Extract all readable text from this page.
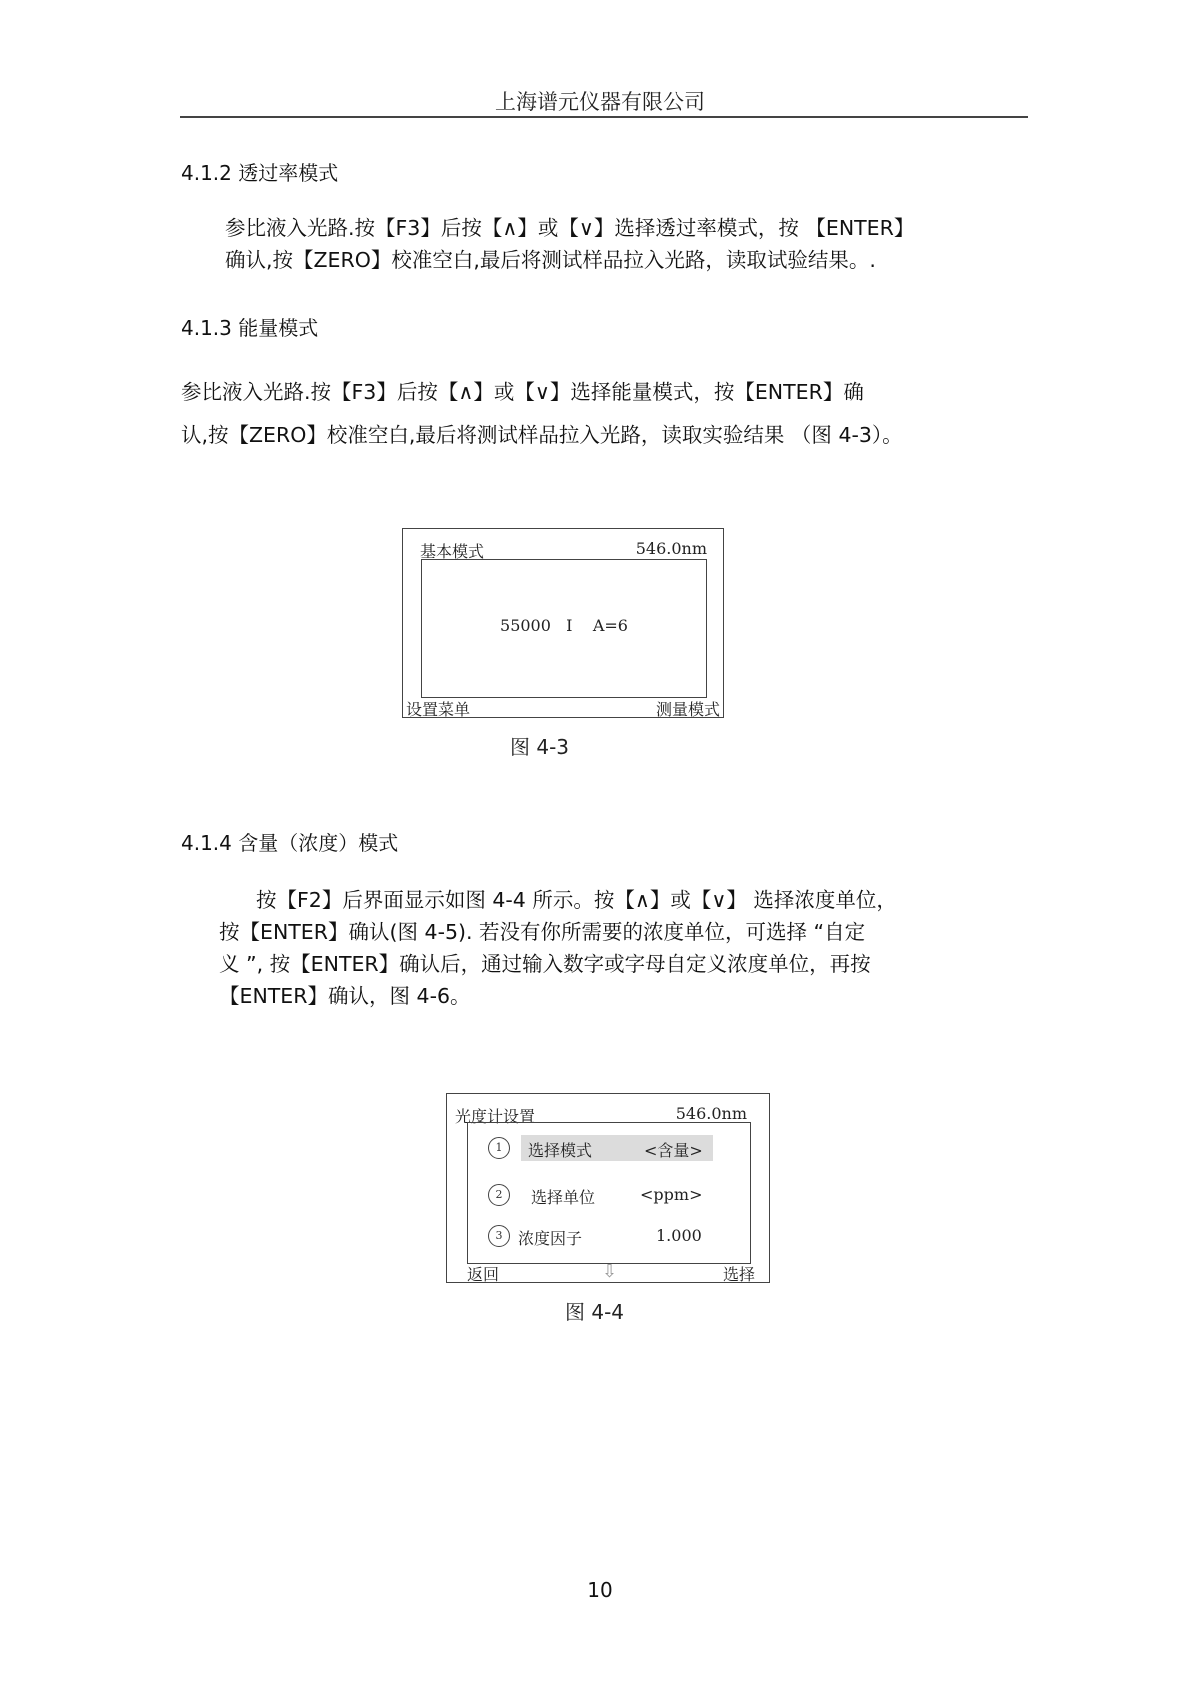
上海谱元仪器有限公司
4.1.2 透过率模式
参比液入光路.按【F3】后按【∧】或【∨】选择透过率模式，按 【ENTER】
确认,按【ZERO】校准空白,最后将测试样品拉入光路，读取试验结果。.
4.1.3 能量模式
参比液入光路.按【F3】后按【∧】或【∨】选择能量模式，按【ENTER】确
认,按【ZERO】校准空白,最后将测试样品拉入光路，读取实验结果 （图 4-3）。
基本模式	546.0nm
55000   I    A=6
设置菜单	测量模式
图 4-3
4.1.4 含量（浓度）模式
按【F2】后界面显示如图 4-4 所示。按【∧】或【∨】 选择浓度单位，
按【ENTER】确认(图 4-5). 若没有你所需要的浓度单位，可选择 “自定
义 ”, 按【ENTER】确认后，通过输入数字或字母自定义浓度单位，再按
【ENTER】确认，图 4-6。
光度计设置	546.0nm
1	选择模式	<含量>
2	选择单位	<ppm>
3 浓度因子	1.000
返回	⇩	选择
图 4-4
10
